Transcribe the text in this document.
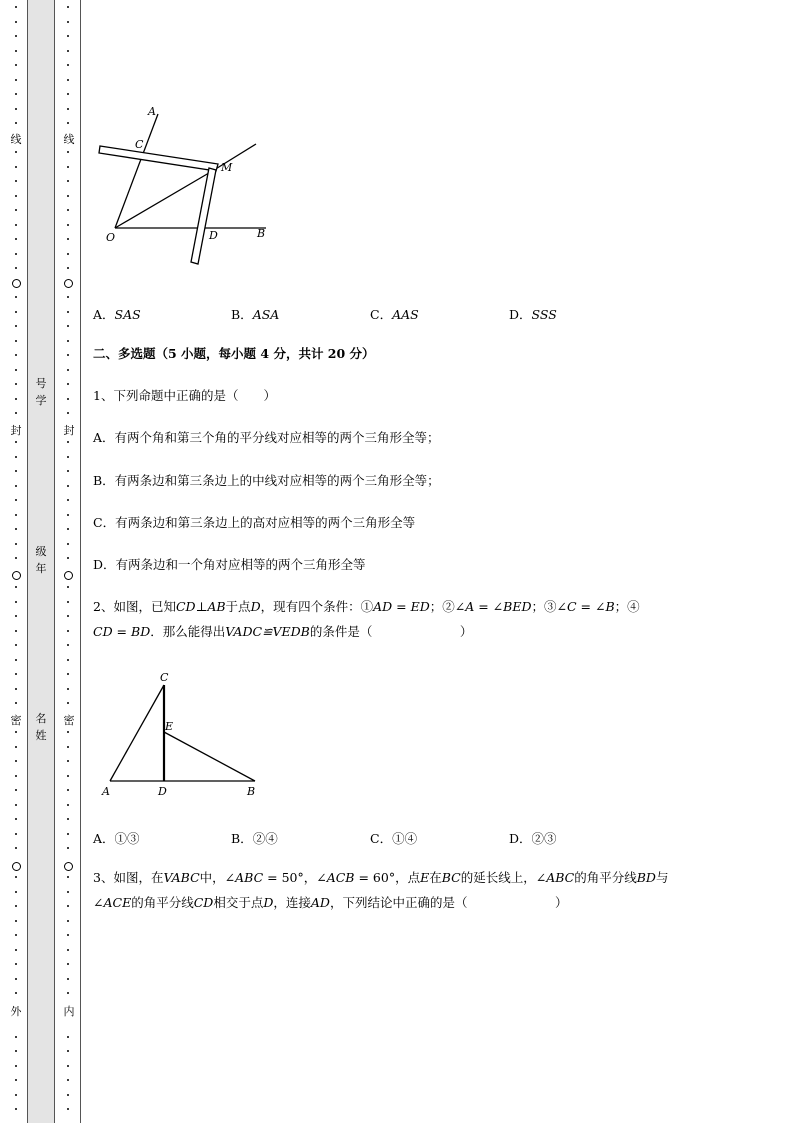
线
封
密
外
线
封
密
内
号
学
级
年
名
姓
A
C
M
O	D	B
A．SAS	B．ASA	C．AAS	D．SSS
二、多选题（5 小题，每小题 4 分，共计 20 分）
1、下列命题中正确的是（　　）
A．有两个角和第三个角的平分线对应相等的两个三角形全等；
B．有两条边和第三条边上的中线对应相等的两个三角形全等；
C．有两条边和第三条边上的高对应相等的两个三角形全等
D．有两条边和一个角对应相等的两个三角形全等
2、如图，已知CD⊥AB于点D，现有四个条件：①AD = ED；②∠A = ∠BED；③∠C = ∠B；④
CD = BD．那么能得出VADC≌VEDB的条件是（　　　　　　　）
C
E
A	D	B
A．①③	B．②④	C．①④	D．②③
3、如图，在VABC中，∠ABC = 50°，∠ACB = 60°，点E在BC的延长线上，∠ABC的角平分线BD与
∠ACE的角平分线CD相交于点D，连接AD，下列结论中正确的是（　　　　　　　）
